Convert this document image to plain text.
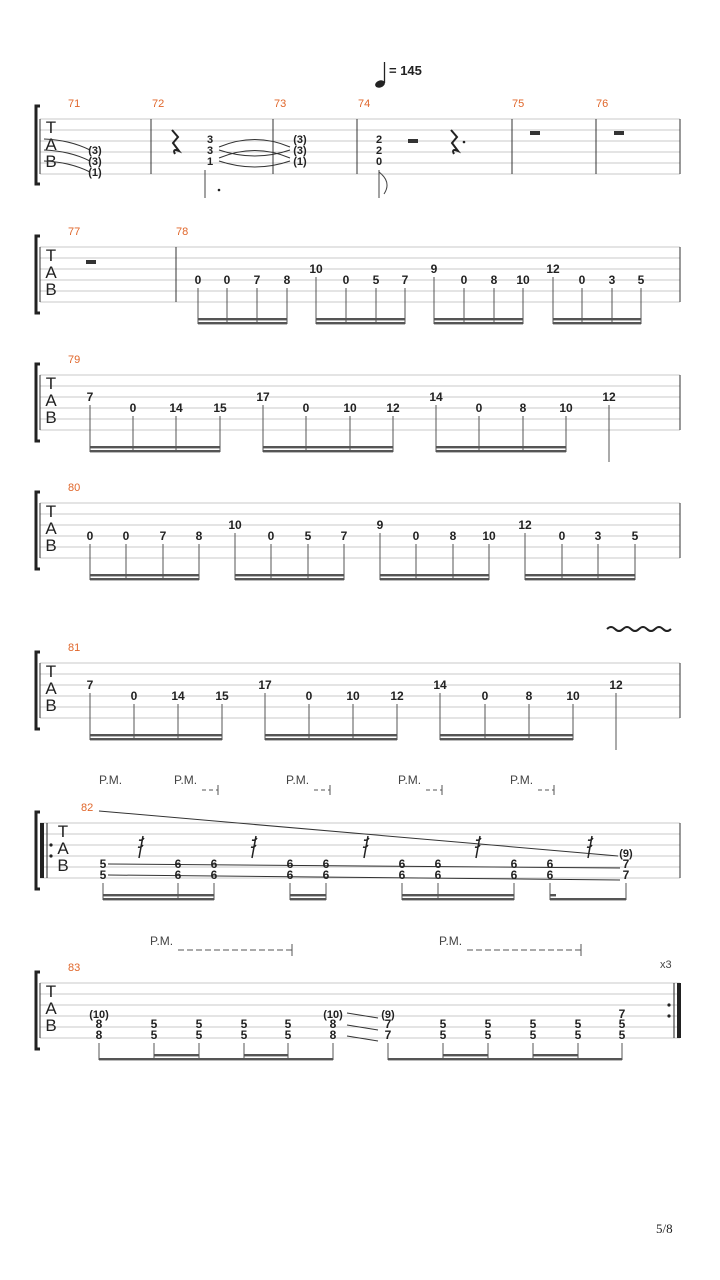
= 145
T
A
B
71	72	73	74	75	76
(3)
(3)
(1)
3
3
1
(3)
(3)
(1)
2
2
0
T
A
B
77	78
0 0 7 8
10
0 5 7
9
0 8 10
12
0 3 5
T
A
B
79
7
0	14	15
17
0	10 12
14
0	8	10
12
T
A
B
80
0 0	7 8
10
0	5 7
9
0	8 10
12
0 3	5
T
A
B
81
7
0	14	15
17
0	10	12
14
0	8	10
12
P.M.	P.M.	P.M.	P.M.	P.M.
T
A
B
82
5
5
6
6
6
6
6
6
6
6
6
6
6
6
6
6
6
6
7
7
(9)
P.M.	P.M.
x3
T
A
B
83
8
8
5
5
5
5
5
5
5
5
8
8
7
7
5
5
5
5
5
5
5
5
5
5
(10)	(10)	(9)	7
5/8
